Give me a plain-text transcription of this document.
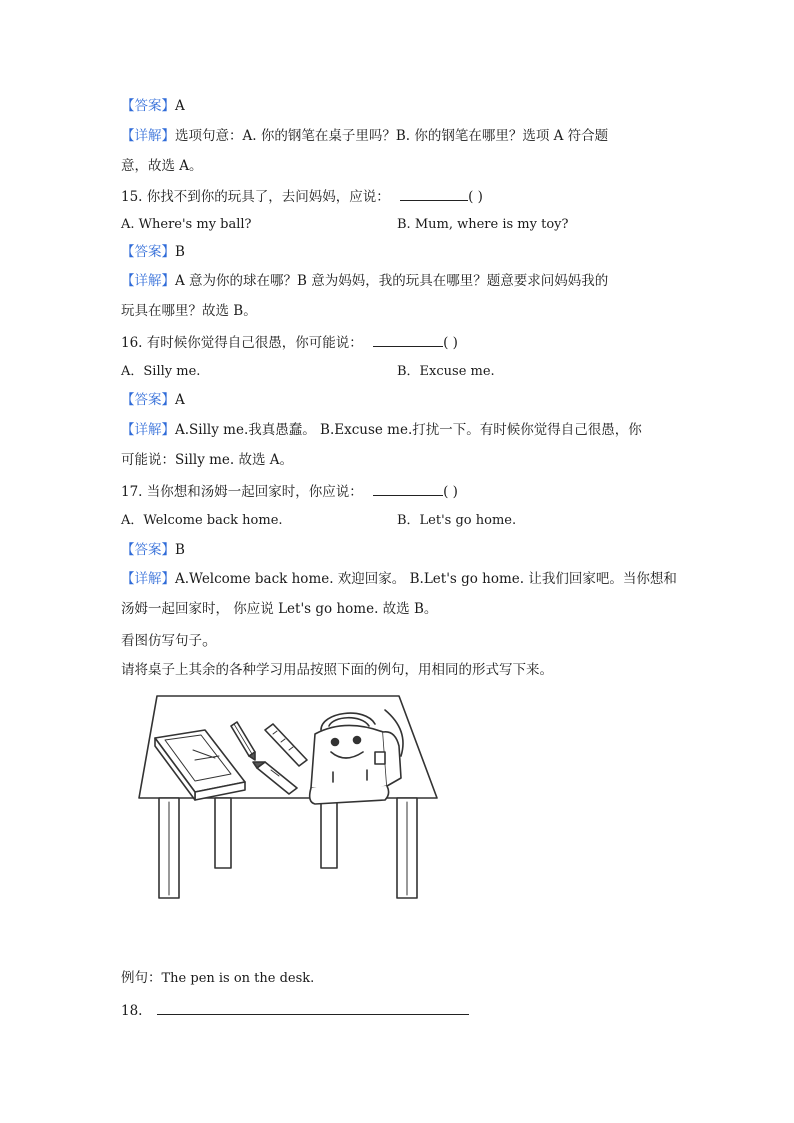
【答案】A
【详解】选项句意：A. 你的钢笔在桌子里吗？B. 你的钢笔在哪里？选项 A 符合题
意，故选 A。
15. 你找不到你的玩具了，去问妈妈，应说：	( )
A. Where's my ball?	B. Mum, where is my toy?
【答案】B
【详解】A 意为你的球在哪？B 意为妈妈，我的玩具在哪里？题意要求问妈妈我的
玩具在哪里？故选 B。
16. 有时候你觉得自己很愚，你可能说：	( )
A．Silly me.	B．Excuse me.
【答案】A
【详解】A.Silly me.我真愚蠢。 B.Excuse me.打扰一下。有时候你觉得自己很愚，你
可能说：Silly me. 故选 A。
17. 当你想和汤姆一起回家时，你应说：	( )
A．Welcome back home.	B．Let's go home.
【答案】B
【详解】A.Welcome back home. 欢迎回家。 B.Let's go home. 让我们回家吧。当你想和
汤姆一起回家时， 你应说 Let's go home. 故选 B。
看图仿写句子。
请将桌子上其余的各种学习用品按照下面的例句，用相同的形式写下来。
例句：The pen is on the desk.
18.
